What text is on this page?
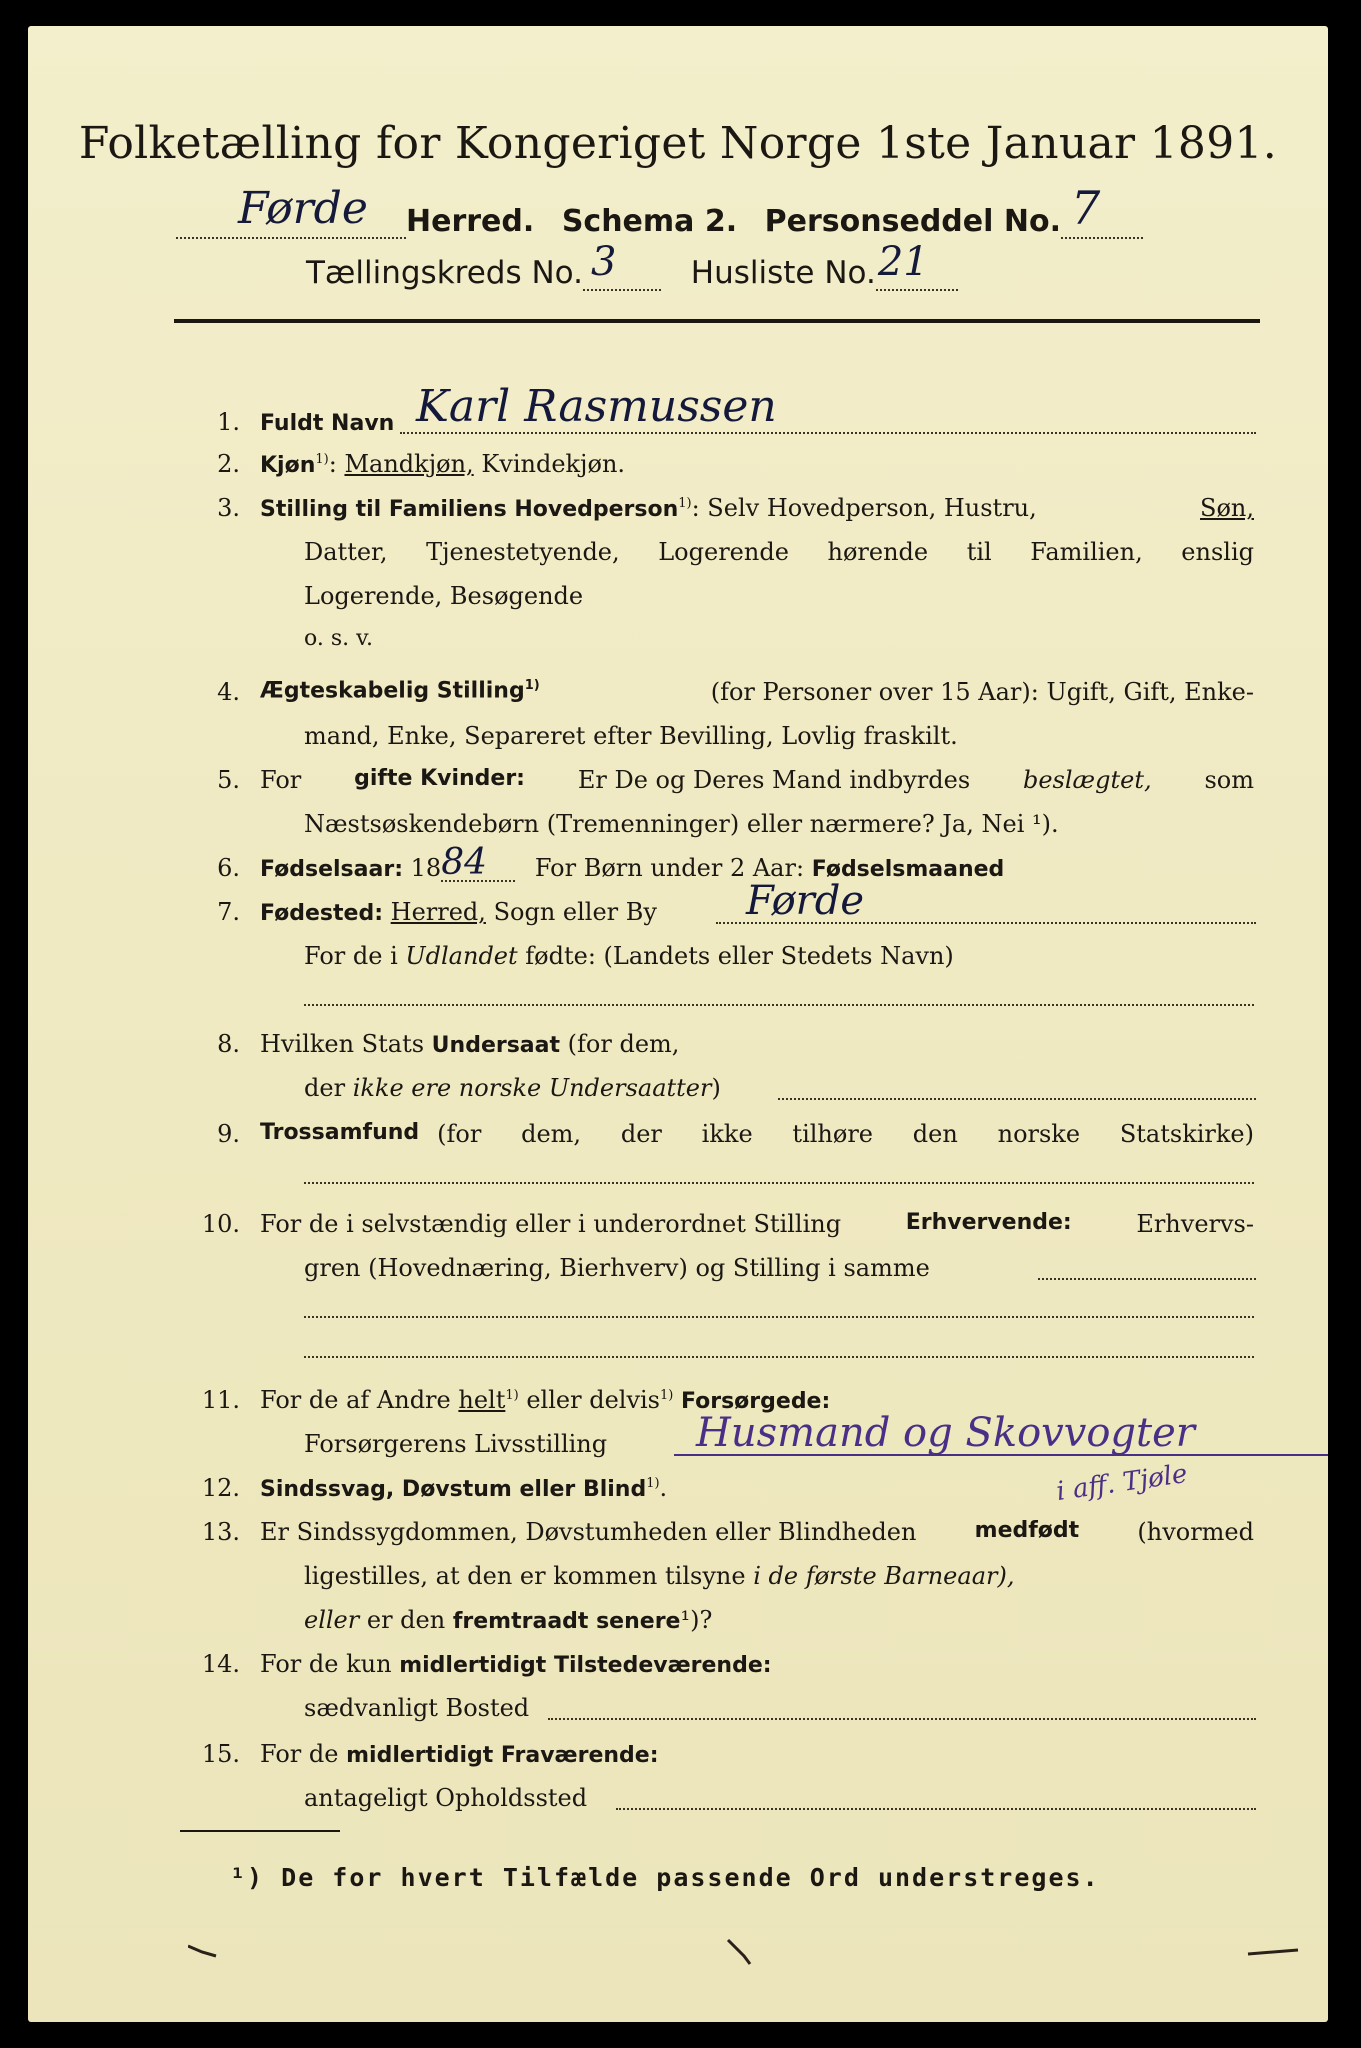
Folketælling for Kongeriget Norge 1ste Januar 1891.
Førde Herred. Schema 2. Personseddel No. 7
Tællingskreds No. 3 Husliste No. 21
1. Fuldt Navn Karl Rasmussen
2. Kjøn$^{1)}$: Mandkjøn, Kvindekjøn.
3. Stilling til Familiens Hovedperson$^{1)}$: Selv Hovedperson, Hustru,	Søn,
Datter, Tjenestetyende, Logerende hørende til Familien, enslig
Logerende, Besøgende
o. s. v.
4. Ægteskabelig Stilling$^{1)}$	(for Personer over 15 Aar): Ugift, Gift, Enke-
mand, Enke, Separeret efter Bevilling, Lovlig fraskilt.
5. For gifte Kvinder: Er De og Deres Mand indbyrdes beslægtet, som
Næstsøskendebørn (Tremenninger) eller nærmere? Ja, Nei ¹).
6. Fødselsaar: 18 84 For Børn under 2 Aar: Fødselsmaaned
7. Fødested: Herred, Sogn eller By Førde
For de i Udlandet fødte: (Landets eller Stedets Navn)
8. Hvilken Stats Undersaat (for dem,
der ikke ere norske Undersaatter)
9. Trossamfund (for dem, der ikke tilhøre den norske Statskirke)
10. For de i selvstændig eller i underordnet Stilling	Erhvervende:	Erhvervs-
gren (Hovednæring, Bierhverv) og Stilling i samme
11. For de af Andre helt$^{1)}$ eller delvis$^{1)}$ Forsørgede:
Forsørgerens Livsstilling Husmand og Skovvogter
i aff. Tjøle
12. Sindssvag, Døvstum eller Blind$^{1)}$.
13. Er Sindssygdommen, Døvstumheden eller Blindheden	medfødt (hvormed
ligestilles, at den er kommen tilsyne i de første Barneaar),
eller er den fremtraadt senere¹)?
14. For de kun midlertidigt Tilstedeværende:
sædvanligt Bosted
15. For de midlertidigt Fraværende:
antageligt Opholdssted
¹) De for hvert Tilfælde passende Ord understreges.
